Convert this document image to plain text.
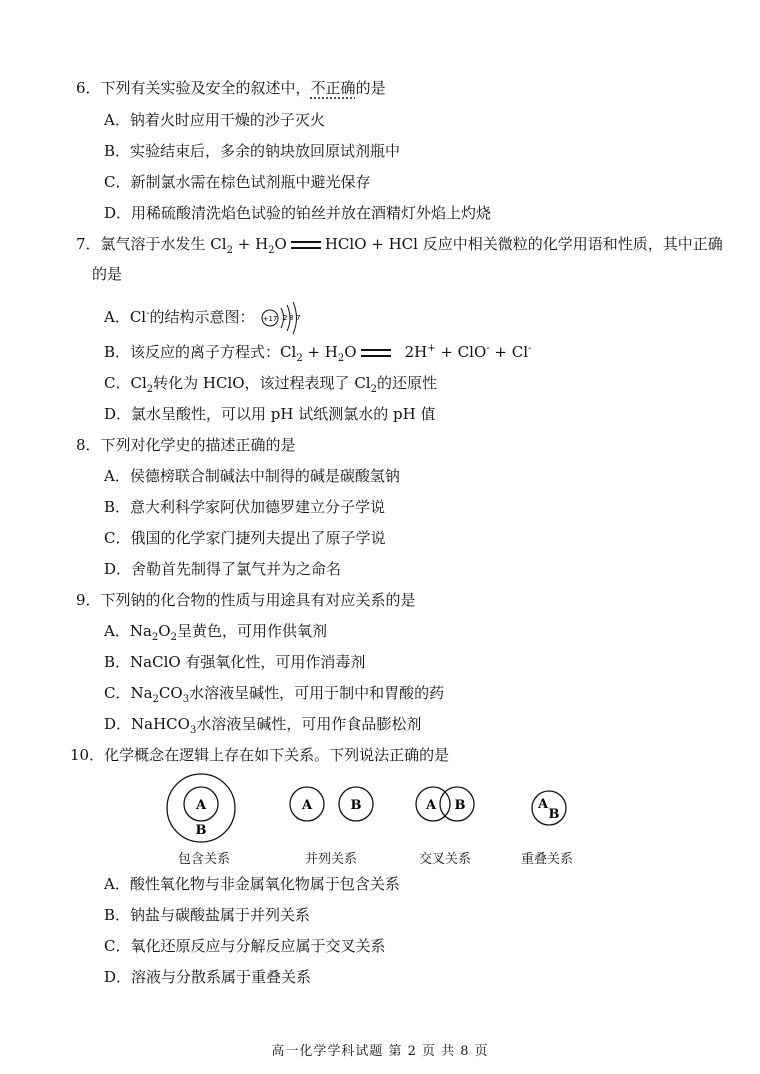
6．下列有关实验及安全的叙述中，不正确的是
A．钠着火时应用干燥的沙子灭火
B．实验结束后，多余的钠块放回原试剂瓶中
C．新制氯水需在棕色试剂瓶中避光保存
D．用稀硫酸清洗焰色试验的铂丝并放在酒精灯外焰上灼烧
7．氯气溶于水发生 $Cl_2 + H_2O$	HClO + HCl 反应中相关微粒的化学用语和性质，其中正确
的是
A．Cl-的结构示意图： +17 2 8 7
B．该反应的离子方程式：$Cl_2 + H_2O$	2H+ + ClO- + Cl-
C．$Cl_2$转化为 HClO，该过程表现了 $Cl_2$的还原性
D．氯水呈酸性，可以用 pH 试纸测氯水的 pH 值
8．下列对化学史的描述正确的是
A．侯德榜联合制碱法中制得的碱是碳酸氢钠
B．意大利科学家阿伏加德罗建立分子学说
C．俄国的化学家门捷列夫提出了原子学说
D．舍勒首先制得了氯气并为之命名
9．下列钠的化合物的性质与用途具有对应关系的是
A．$Na_2O_2$呈黄色，可用作供氧剂
B．NaClO 有强氧化性，可用作消毒剂
C．$Na_2CO_3$水溶液呈碱性，可用于制中和胃酸的药
D．NaHCO$_3$水溶液呈碱性，可用作食品膨松剂
10．化学概念在逻辑上存在如下关系。下列说法正确的是
A
B
A	B	A B	A
B
包含关系	并列关系	交叉关系	重叠关系
A．酸性氧化物与非金属氧化物属于包含关系
B．钠盐与碳酸盐属于并列关系
C．氧化还原反应与分解反应属于交叉关系
D．溶液与分散系属于重叠关系
高一化学学科试题 第 2 页 共 8 页
